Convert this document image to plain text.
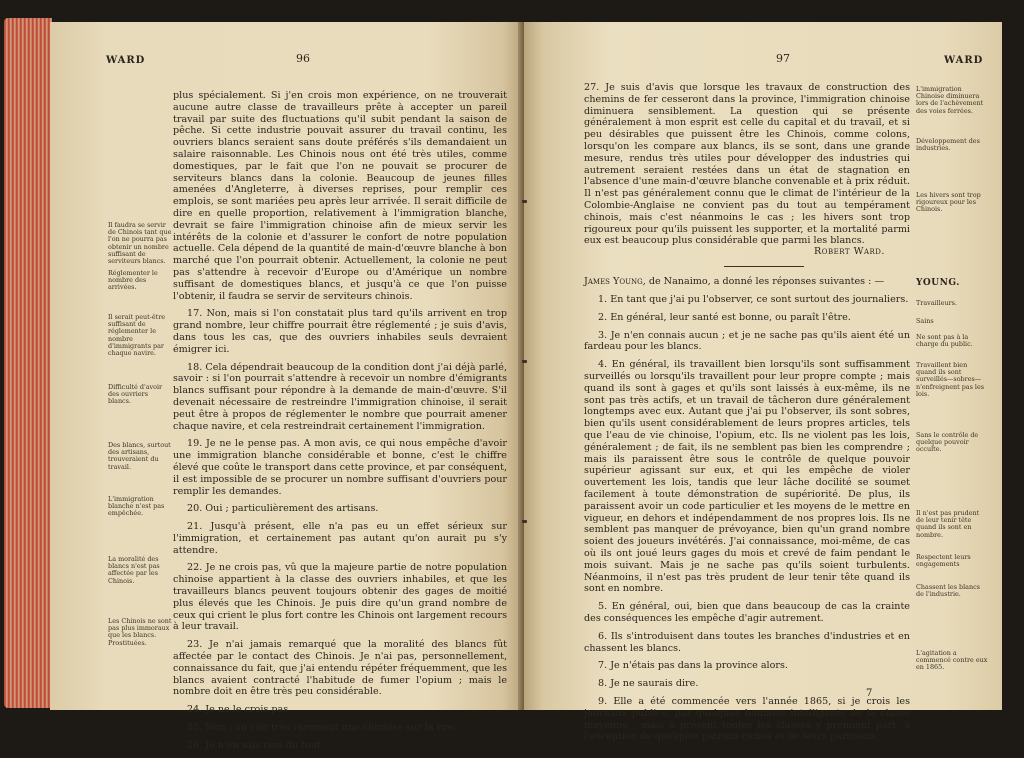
WARD	96

plus spécialement. Si j'en crois mon expérience, on ne trouverait aucune autre classe de travailleurs prête à accepter un pareil travail par suite des fluctuations qu'il subit pendant la saison de pêche. Si cette industrie pouvait assurer du travail continu, les ouvriers blancs seraient sans doute préférés s'ils demandaient un salaire raisonnable. Les Chinois nous ont été très utiles, comme domestiques, par le fait que l'on ne pouvait se procurer de serviteurs blancs dans la colonie. Beaucoup de jeunes filles amenées d'Angleterre, à diverses reprises, pour remplir ces emplois, se sont mariées peu après leur arrivée. Il serait difficile de dire en quelle proportion, relativement à l'immigration blanche, devrait se faire l'immigration chinoise afin de mieux servir les intérêts de la colonie et d'assurer le confort de notre population actuelle. Cela dépend de la quantité de main-d'œuvre blanche à bon marché que l'on pourrait obtenir. Actuellement, la colonie ne peut pas s'attendre à recevoir d'Europe ou d'Amérique un nombre suffisant de domestiques blancs, et jusqu'à ce que l'on puisse l'obtenir, il faudra se servir de serviteurs chinois.

17. Non, mais si l'on constatait plus tard qu'ils arrivent en trop grand nombre, leur chiffre pourrait être réglementé ; je suis d'avis, dans tous les cas, que des ouvriers inhabiles seuls devraient émigrer ici.

18. Cela dépendrait beaucoup de la condition dont j'ai déjà parlé, savoir : si l'on pourrait s'attendre à recevoir un nombre d'émigrants blancs suffisant pour répondre à la demande de main-d'œuvre. S'il devenait nécessaire de restreindre l'immigration chinoise, il serait peut être à propos de réglementer le nombre que pourrait amener chaque navire, et cela restreindrait certainement l'immigration.

19. Je ne le pense pas. A mon avis, ce qui nous empêche d'avoir une immigration blanche considérable et bonne, c'est le chiffre élevé que coûte le transport dans cette province, et par conséquent, il est impossible de se procurer un nombre suffisant d'ouvriers pour remplir les demandes.

20. Oui ; particulièrement des artisans.

21. Jusqu'à présent, elle n'a pas eu un effet sérieux sur l'immigration, et certainement pas autant qu'on aurait pu s'y attendre.

22. Je ne crois pas, vû que la majeure partie de notre population chinoise appartient à la classe des ouvriers inhabiles, et que les travailleurs blancs peuvent toujours obtenir des gages de moitié plus élevés que les Chinois. Je puis dire qu'un grand nombre de ceux qui crient le plus fort contre les Chinois ont largement recours à leur travail.

23. Je n'ai jamais remarqué que la moralité des blancs fût affectée par le contact des Chinois. Je n'ai pas, personnellement, connaissance du fait, que j'ai entendu répéter fréquemment, que les blancs avaient contracté l'habitude de fumer l'opium ; mais le nombre doit en être très peu considérable.

24. Je ne le crois pas.

25. Non ; on voit très rarement une chinoise sur la rue.

26. Je n'en sais rien du tout.

Il faudra se servir de Chinois tant que l'on ne pourra pas obtenir un nombre suffisant de serviteurs blancs.
Réglementer le nombre des arrivées.
Il serait peut-être suffisant de réglementer le nombre d'immigrants par chaque navire.
Difficulté d'avoir des ouvriers blancs.
Des blancs, surtout des artisans, trouveraient du travail.
L'immigration blanche n'est pas empêchée.
La moralité des blancs n'est pas affectée par les Chinois.
Les Chinois ne sont pas plus immoraux que les blancs. Prostituées.
97	WARD
27. Je suis d'avis que lorsque les travaux de construction des chemins de fer cesseront dans la province, l'immigration chinoise diminuera sensiblement. La question qui se présente généralement à mon esprit est celle du capital et du travail, et si peu désirables que puissent être les Chinois, comme colons, lorsqu'on les compare aux blancs, ils se sont, dans une grande mesure, rendus très utiles pour développer des industries qui autrement seraient restées dans un état de stagnation en l'absence d'une main-d'œuvre blanche convenable et à prix réduit. Il n'est pas généralement connu que le climat de l'intérieur de la Colombie-Anglaise ne convient pas du tout au tempérament chinois, mais c'est néanmoins le cas ; les hivers sont trop rigoureux pour qu'ils puissent les supporter, et la mortalité parmi eux est beaucoup plus considérable que parmi les blancs.
Robert Ward.
James Young, de Nanaimo, a donné les réponses suivantes : —	YOUNG.

1. En tant que j'ai pu l'observer, ce sont surtout des journaliers.

2. En général, leur santé est bonne, ou paraît l'être.

3. Je n'en connais aucun ; et je ne sache pas qu'ils aient été un fardeau pour les blancs.

4. En général, ils travaillent bien lorsqu'ils sont suffisamment surveillés ou lorsqu'ils travaillent pour leur propre compte ; mais quand ils sont à gages et qu'ils sont laissés à eux-même, ils ne sont pas très actifs, et un travail de tâcheron dure généralement longtemps avec eux. Autant que j'ai pu l'observer, ils sont sobres, bien qu'ils usent considérablement de leurs propres articles, tels que l'eau de vie chinoise, l'opium, etc. Ils ne violent pas les lois, généralement ; de fait, ils ne semblent pas bien les comprendre ; mais ils paraissent être sous le contrôle de quelque pouvoir supérieur agissant sur eux, et qui les empêche de violer ouvertement les lois, tandis que leur lâche docilité se soumet facilement à toute démonstration de supériorité. De plus, ils paraissent avoir un code particulier et les moyens de le mettre en vigueur, en dehors et indépendamment de nos propres lois. Ils ne semblent pas manquer de prévoyance, bien qu'un grand nombre soient des joueurs invétérés. J'ai connaissance, moi-même, de cas où ils ont joué leurs gages du mois et crevé de faim pendant le mois suivant. Mais je ne sache pas qu'ils soient turbulents. Néanmoins, il n'est pas très prudent de leur tenir tête quand ils sont en nombre.

5. En général, oui, bien que dans beaucoup de cas la crainte des conséquences les empêche d'agir autrement.

6. Ils s'introduisent dans toutes les branches d'industries et en chassent les blancs.

7. Je n'étais pas dans la province alors.

8. Je ne saurais dire.

9. Elle a été commencée vers l'année 1865, si je crois les journaux publics, par quelques hommes intelligents de la classe moyenne ; mais à présent toutes les classes y prennent part, à l'exception de quelques patrons riches et de leurs partisans.

L'immigration Chinoise diminuera lors de l'achèvement des voies ferrées.
Développement des industries.
Les hivers sont trop rigoureux pour les Chinois.
Travailleurs.
Sains
Ne sont pas à la charge du public.
Travaillent bien quand ils sont surveillés—sobres—n'enfreignent pas les lois.
Sans le contrôle de quelque pouvoir occulte.
Il n'est pas prudent de leur tenir tête quand ils sont en nombre.
Respectent leurs engagements
Chassent les blancs de l'industrie.
L'agitation a commencé contre eux en 1865.
7
